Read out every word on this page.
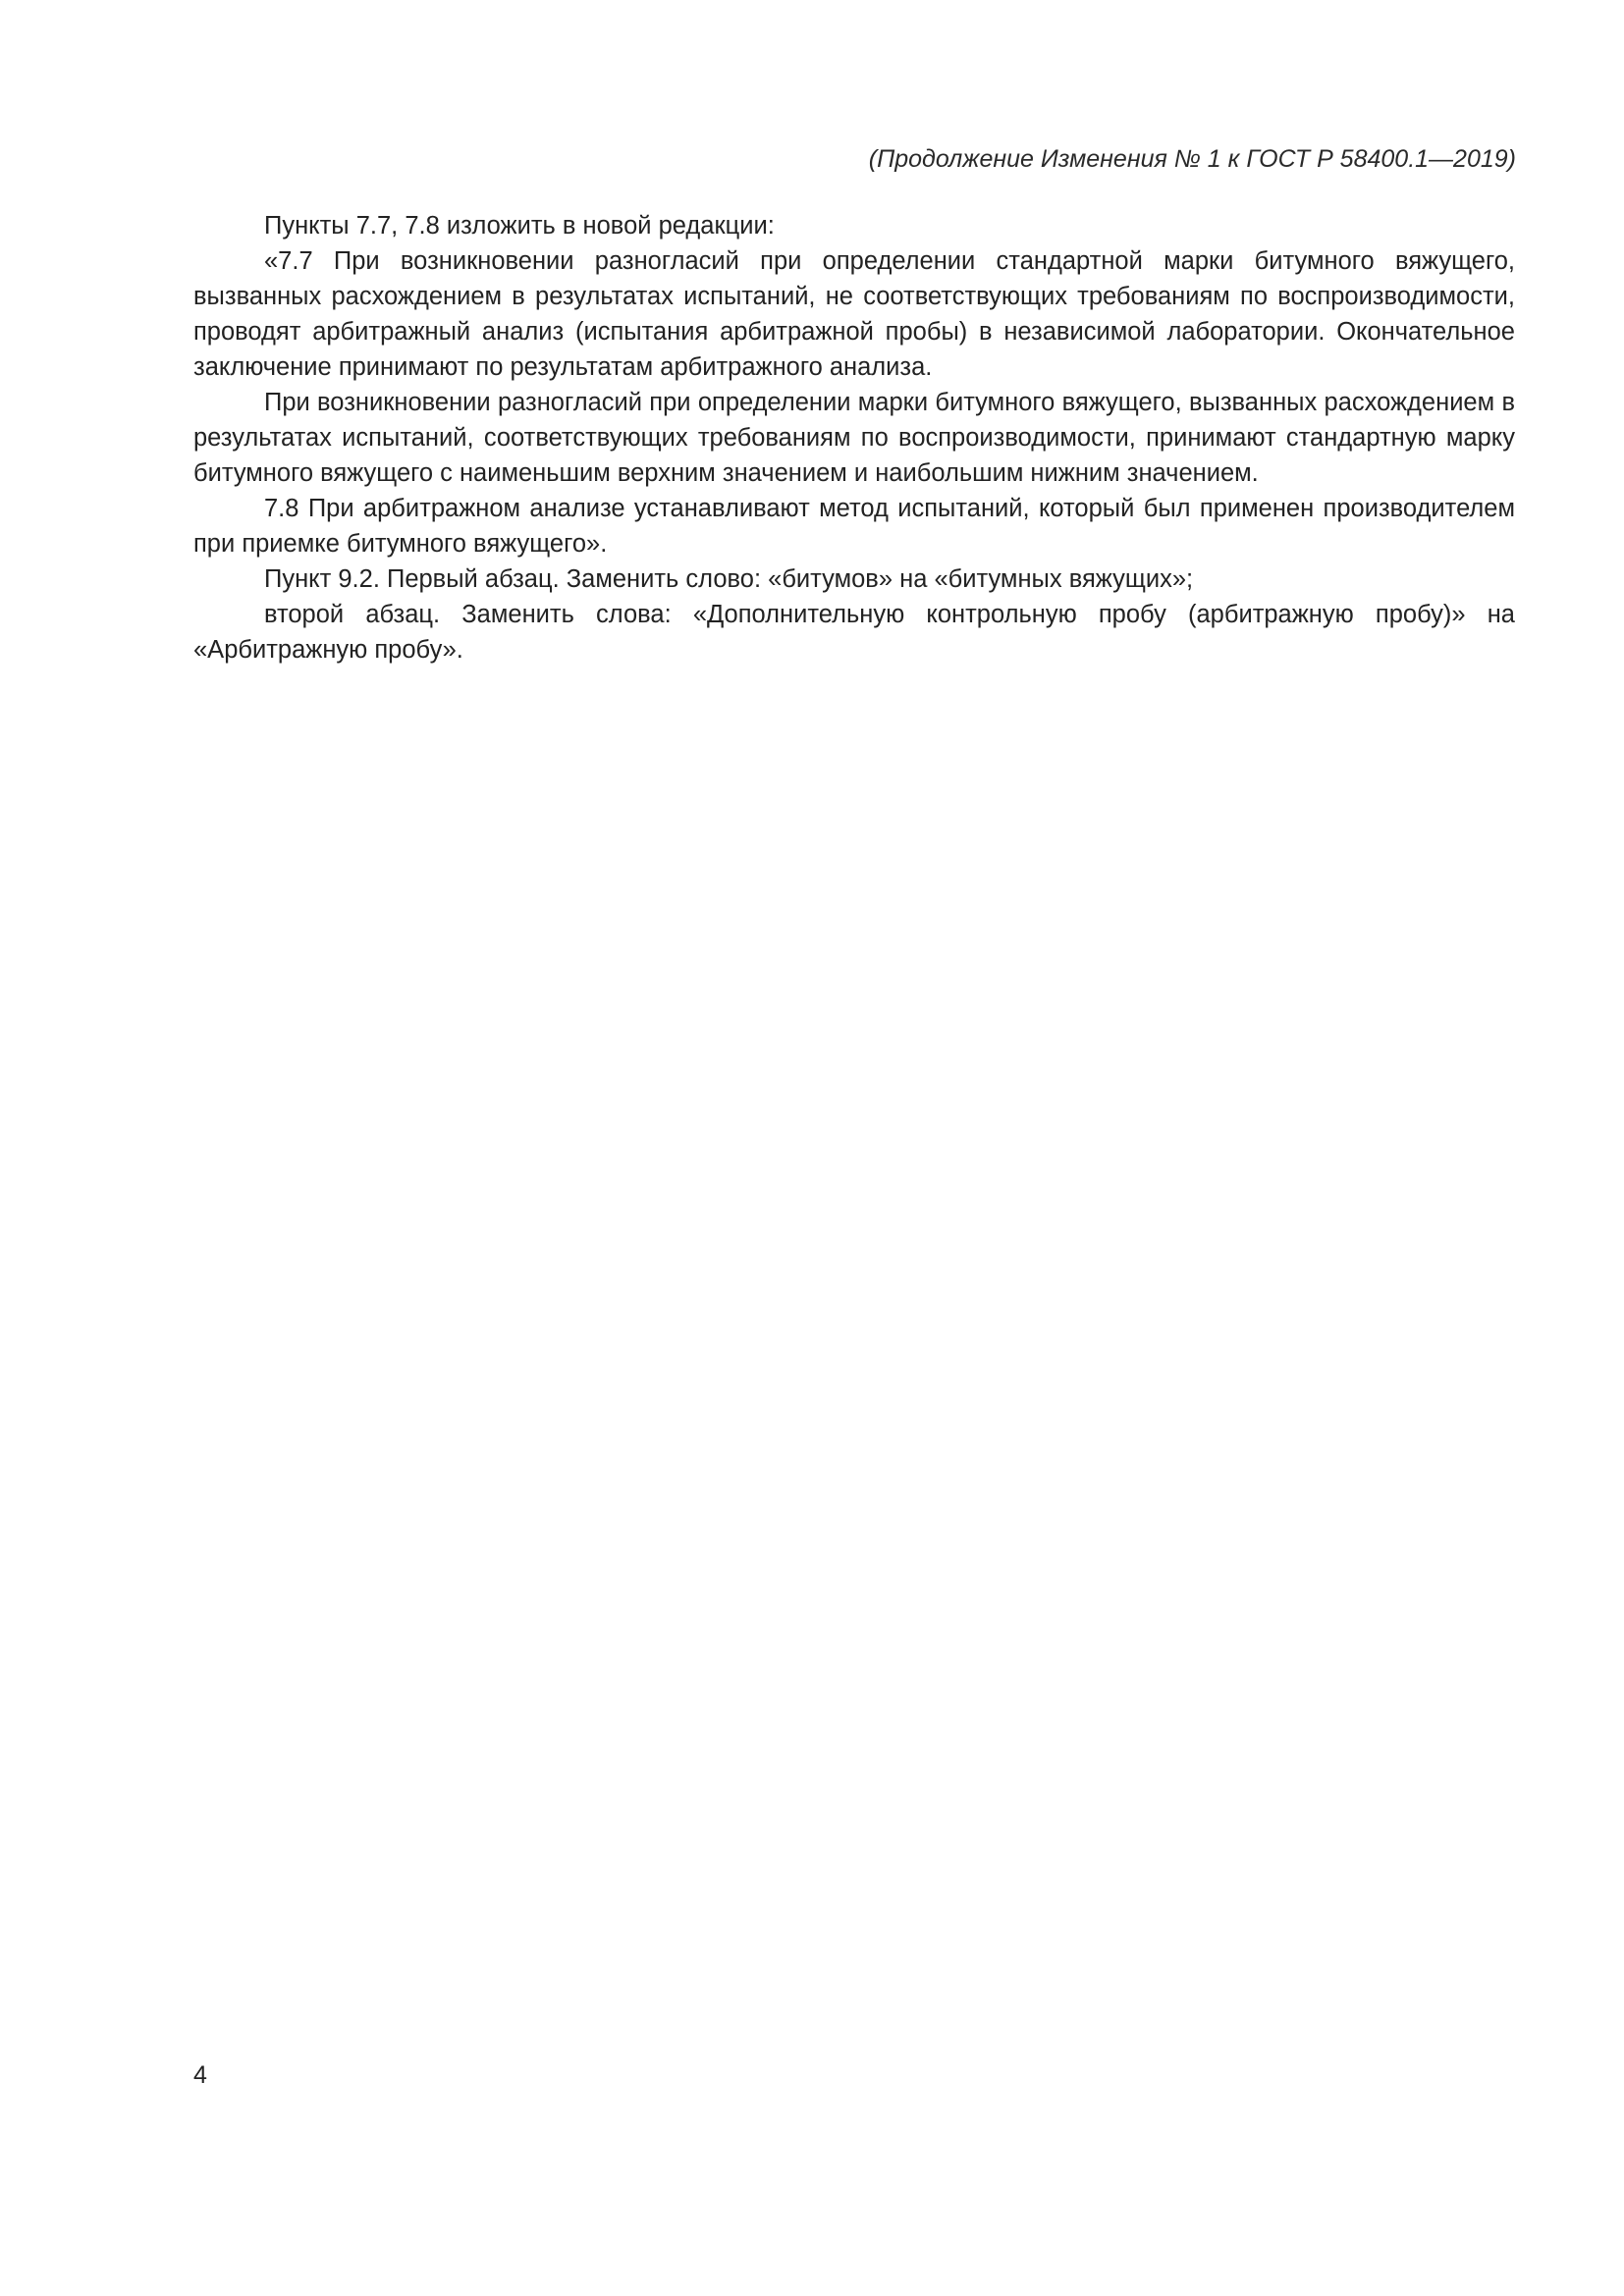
(Продолжение Изменения № 1 к ГОСТ Р 58400.1—2019)

Пункты 7.7, 7.8 изложить в новой редакции:

«7.7 При возникновении разногласий при определении стандартной марки битумного вяжущего, вызванных расхождением в результатах испытаний, не соответствующих требованиям по воспроизводимости, проводят арбитражный анализ (испытания арбитражной пробы) в независимой лаборатории. Окончательное заключение принимают по результатам арбитражного анализа.

При возникновении разногласий при определении марки битумного вяжущего, вызванных расхождением в результатах испытаний, соответствующих требованиям по воспроизводимости, принимают стандартную марку битумного вяжущего с наименьшим верхним значением и наибольшим нижним значением.

7.8 При арбитражном анализе устанавливают метод испытаний, который был применен производителем при приемке битумного вяжущего».

Пункт 9.2. Первый абзац. Заменить слово: «битумов» на «битумных вяжущих»;

второй абзац. Заменить слова: «Дополнительную контрольную пробу (арбитражную пробу)» на «Арбитражную пробу».

4
